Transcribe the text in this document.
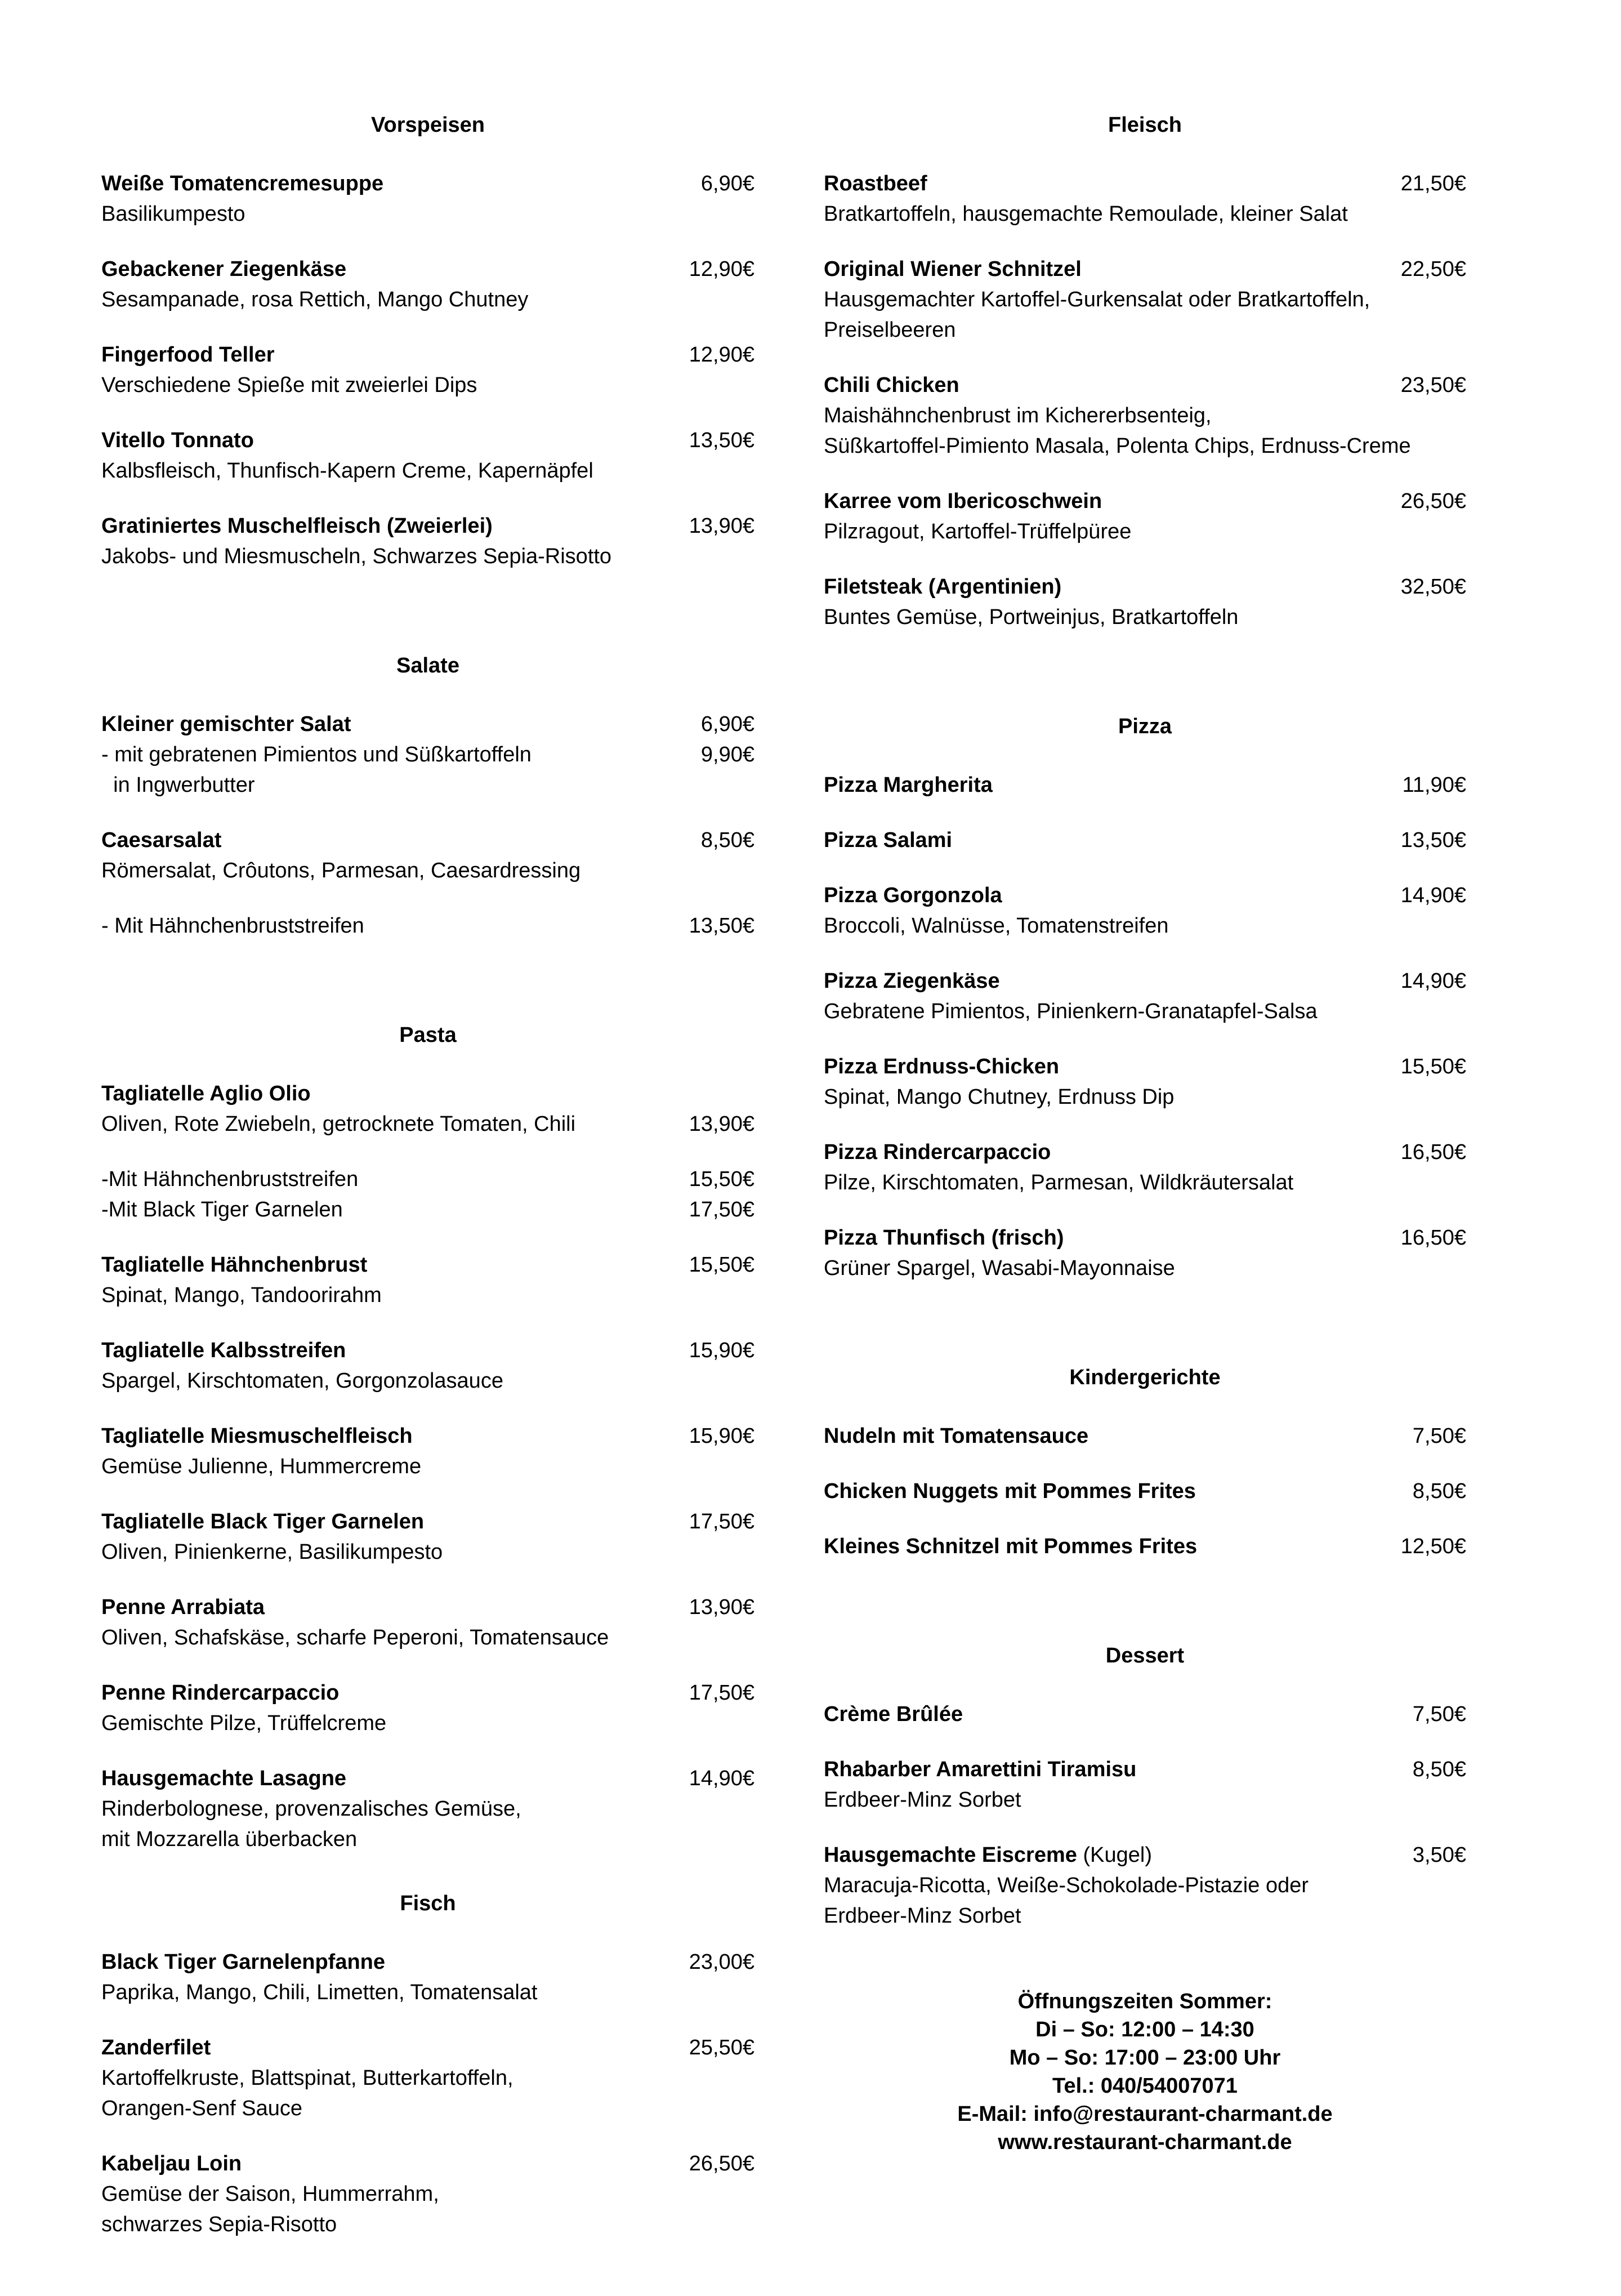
Vorspeisen
Weiße Tomatencremesuppe	6,90€
Basilikumpesto
Gebackener Ziegenkäse	12,90€
Sesampanade, rosa Rettich, Mango Chutney
Fingerfood Teller	12,90€
Verschiedene Spieße mit zweierlei Dips
Vitello Tonnato	13,50€
Kalbsfleisch, Thunfisch-Kapern Creme, Kapernäpfel
Gratiniertes Muschelfleisch (Zweierlei)	13,90€
Jakobs- und Miesmuscheln, Schwarzes Sepia-Risotto
Salate
Kleiner gemischter Salat	6,90€
- mit gebratenen Pimientos und Süßkartoffeln	9,90€
in Ingwerbutter
Caesarsalat	8,50€
Römersalat, Crôutons, Parmesan, Caesardressing
- Mit Hähnchenbruststreifen	13,50€
Pasta
Tagliatelle Aglio Olio
Oliven, Rote Zwiebeln, getrocknete Tomaten, Chili	13,90€
-Mit Hähnchenbruststreifen	15,50€
-Mit Black Tiger Garnelen	17,50€
Tagliatelle Hähnchenbrust	15,50€
Spinat, Mango, Tandoorirahm
Tagliatelle Kalbsstreifen	15,90€
Spargel, Kirschtomaten, Gorgonzolasauce
Tagliatelle Miesmuschelfleisch	15,90€
Gemüse Julienne, Hummercreme
Tagliatelle Black Tiger Garnelen	17,50€
Oliven, Pinienkerne, Basilikumpesto
Penne Arrabiata	13,90€
Oliven, Schafskäse, scharfe Peperoni, Tomatensauce
Penne Rindercarpaccio	17,50€
Gemischte Pilze, Trüffelcreme
Hausgemachte Lasagne	14,90€
Rinderbolognese, provenzalisches Gemüse,
mit Mozzarella überbacken
Fisch
Black Tiger Garnelenpfanne	23,00€
Paprika, Mango, Chili, Limetten, Tomatensalat
Zanderfilet	25,50€
Kartoffelkruste, Blattspinat, Butterkartoffeln,
Orangen-Senf Sauce
Kabeljau Loin	26,50€
Gemüse der Saison, Hummerrahm,
schwarzes Sepia-Risotto
Fleisch
Roastbeef	21,50€
Bratkartoffeln, hausgemachte Remoulade, kleiner Salat
Original Wiener Schnitzel	22,50€
Hausgemachter Kartoffel-Gurkensalat oder Bratkartoffeln,
Preiselbeeren
Chili Chicken	23,50€
Maishähnchenbrust im Kichererbsenteig,
Süßkartoffel-Pimiento Masala, Polenta Chips, Erdnuss-Creme
Karree vom Ibericoschwein	26,50€
Pilzragout, Kartoffel-Trüffelpüree
Filetsteak (Argentinien)	32,50€
Buntes Gemüse, Portweinjus, Bratkartoffeln
Pizza
Pizza Margherita	11,90€
Pizza Salami	13,50€
Pizza Gorgonzola	14,90€
Broccoli, Walnüsse, Tomatenstreifen
Pizza Ziegenkäse	14,90€
Gebratene Pimientos, Pinienkern-Granatapfel-Salsa
Pizza Erdnuss-Chicken	15,50€
Spinat, Mango Chutney, Erdnuss Dip
Pizza Rindercarpaccio	16,50€
Pilze, Kirschtomaten, Parmesan, Wildkräutersalat
Pizza Thunfisch (frisch)	16,50€
Grüner Spargel, Wasabi-Mayonnaise
Kindergerichte
Nudeln mit Tomatensauce	7,50€
Chicken Nuggets mit Pommes Frites	8,50€
Kleines Schnitzel mit Pommes Frites	12,50€
Dessert
Crème Brûlée	7,50€
Rhabarber Amarettini Tiramisu	8,50€
Erdbeer-Minz Sorbet
Hausgemachte Eiscreme (Kugel)	3,50€
Maracuja-Ricotta, Weiße-Schokolade-Pistazie oder
Erdbeer-Minz Sorbet
Öffnungszeiten Sommer:
Di – So: 12:00 – 14:30
Mo – So: 17:00 – 23:00 Uhr
Tel.: 040/54007071
E-Mail: info@restaurant-charmant.de
www.restaurant-charmant.de
